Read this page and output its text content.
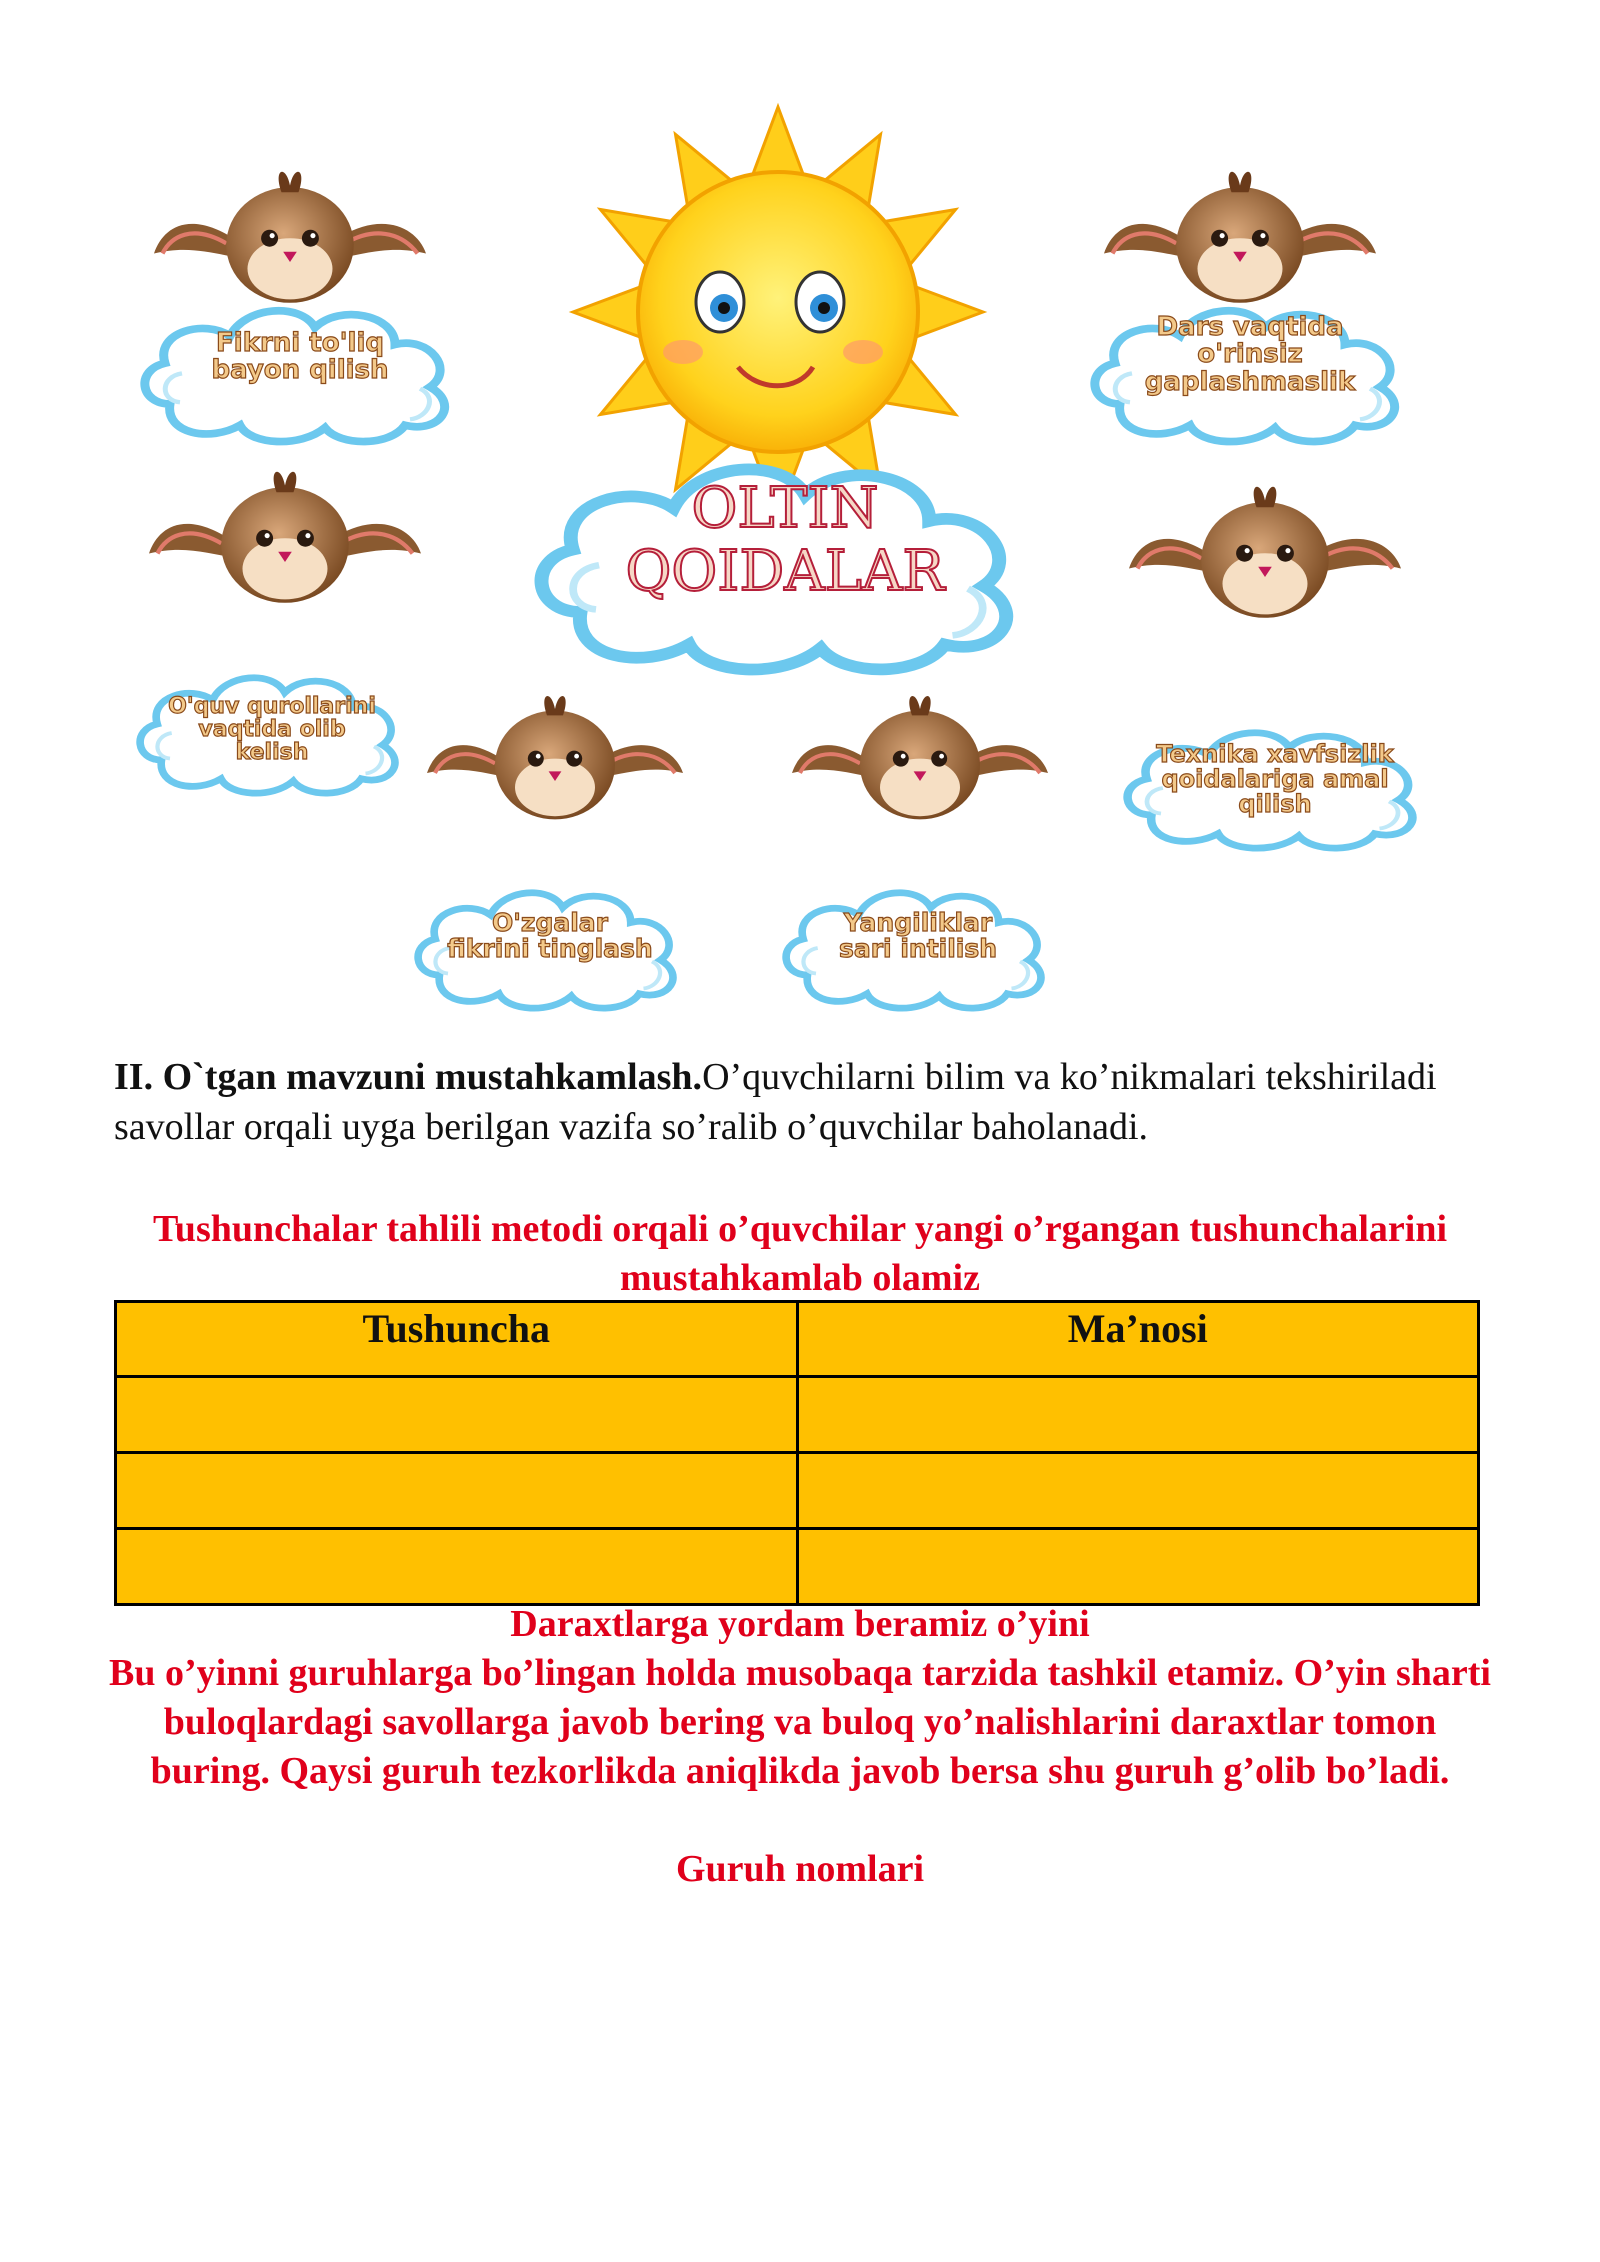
OLTIN
QOIDALAR
Fikrni to'liq
bayon qilish
Dars vaqtida
o'rinsiz
gaplashmaslik
O'quv qurollarini
vaqtida olib
kelish	Texnika xavfsizlik
qoidalariga amal
qilish
O'zgalar
fikrini tinglash
Yangiliklar
sari intilish
II. O`tgan mavzuni mustahkamlash.O’quvchilarni bilim va ko’nikmalari tekshiriladi savollar orqali uyga berilgan vazifa so’ralib o’quvchilar baholanadi.
Tushunchalar tahlili metodi orqali o’quvchilar yangi o’rgangan tushunchalarini mustahkamlab olamiz
Tushuncha	Ma’nosi

Daraxtlarga yordam beramiz o’yini
Bu o’yinni guruhlarga bo’lingan holda musobaqa tarzida tashkil etamiz. O’yin sharti buloqlardagi savollarga javob bering va buloq yo’nalishlarini daraxtlar tomon buring. Qaysi guruh tezkorlikda aniqlikda javob bersa shu guruh g’olib bo’ladi.
Guruh nomlari
